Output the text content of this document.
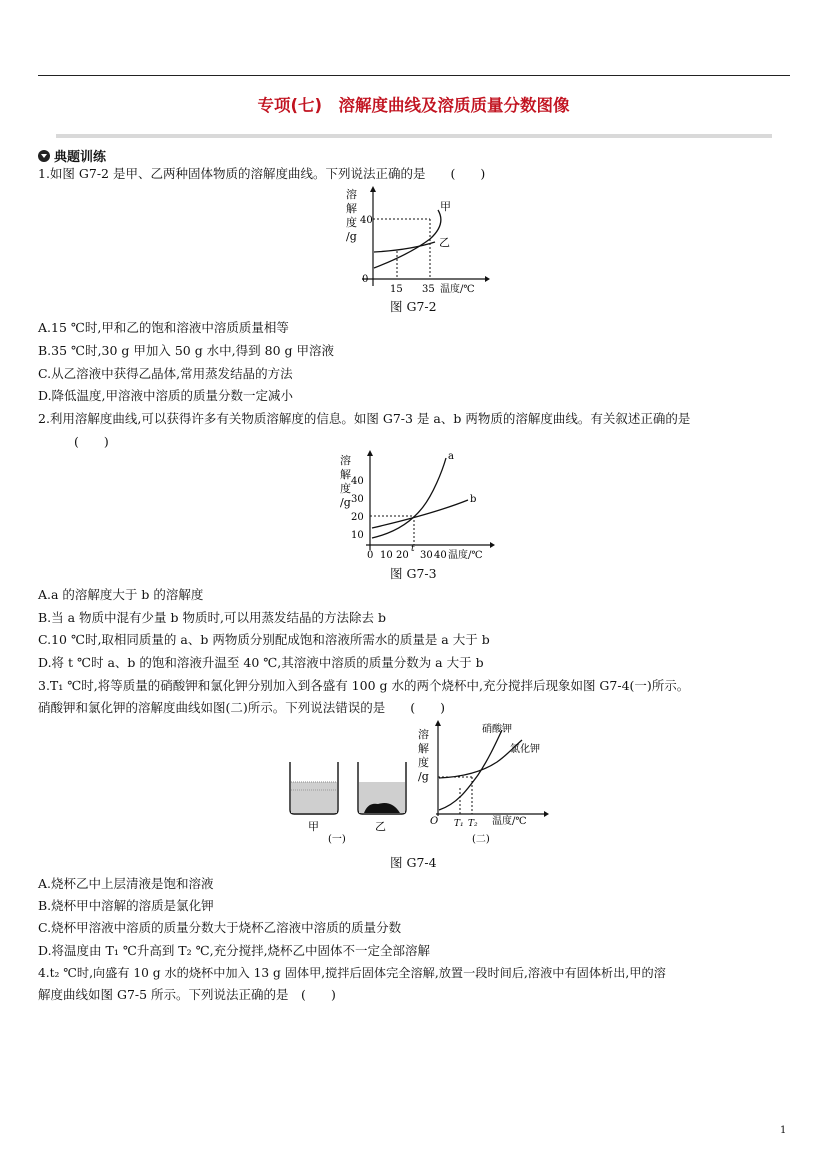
专项(七)　溶解度曲线及溶质质量分数图像
典题训练
1.如图 G7-2 是甲、乙两种固体物质的溶解度曲线。下列说法正确的是　　(　　)
溶
解
度
/g
40
0
甲
乙
15 35 温度/℃
图 G7-2
A.15 ℃时,甲和乙的饱和溶液中溶质质量相等
B.35 ℃时,30 g 甲加入 50 g 水中,得到 80 g 甲溶液
C.从乙溶液中获得乙晶体,常用蒸发结晶的方法
D.降低温度,甲溶液中溶质的质量分数一定减小
2.利用溶解度曲线,可以获得许多有关物质溶解度的信息。如图 G7-3 是 a、b 两物质的溶解度曲线。有关叙述正确的是
(　　)
溶
解
度
/g
40
30
20
10
a
b
0 10 20
t
30 40 温度/℃
图 G7-3
A.a 的溶解度大于 b 的溶解度
B.当 a 物质中混有少量 b 物质时,可以用蒸发结晶的方法除去 b
C.10 ℃时,取相同质量的 a、b 两物质分别配成饱和溶液所需水的质量是 a 大于 b
D.将 t ℃时 a、b 的饱和溶液升温至 40 ℃,其溶液中溶质的质量分数为 a 大于 b
3.T₁ ℃时,将等质量的硝酸钾和氯化钾分别加入到各盛有 100 g 水的两个烧杯中,充分搅拌后现象如图 G7-4(一)所示。
硝酸钾和氯化钾的溶解度曲线如图(二)所示。下列说法错误的是　　(　　)
甲	乙
(一)
溶
解
度
/g
硝酸钾
氯化钾
O T₁ T₂ 温度/℃
(二)
图 G7-4
A.烧杯乙中上层清液是饱和溶液
B.烧杯甲中溶解的溶质是氯化钾
C.烧杯甲溶液中溶质的质量分数大于烧杯乙溶液中溶质的质量分数
D.将温度由 T₁ ℃升高到 T₂ ℃,充分搅拌,烧杯乙中固体不一定全部溶解
4.t₂ ℃时,向盛有 10 g 水的烧杯中加入 13 g 固体甲,搅拌后固体完全溶解,放置一段时间后,溶液中有固体析出,甲的溶
解度曲线如图 G7-5 所示。下列说法正确的是　(　　)
1
